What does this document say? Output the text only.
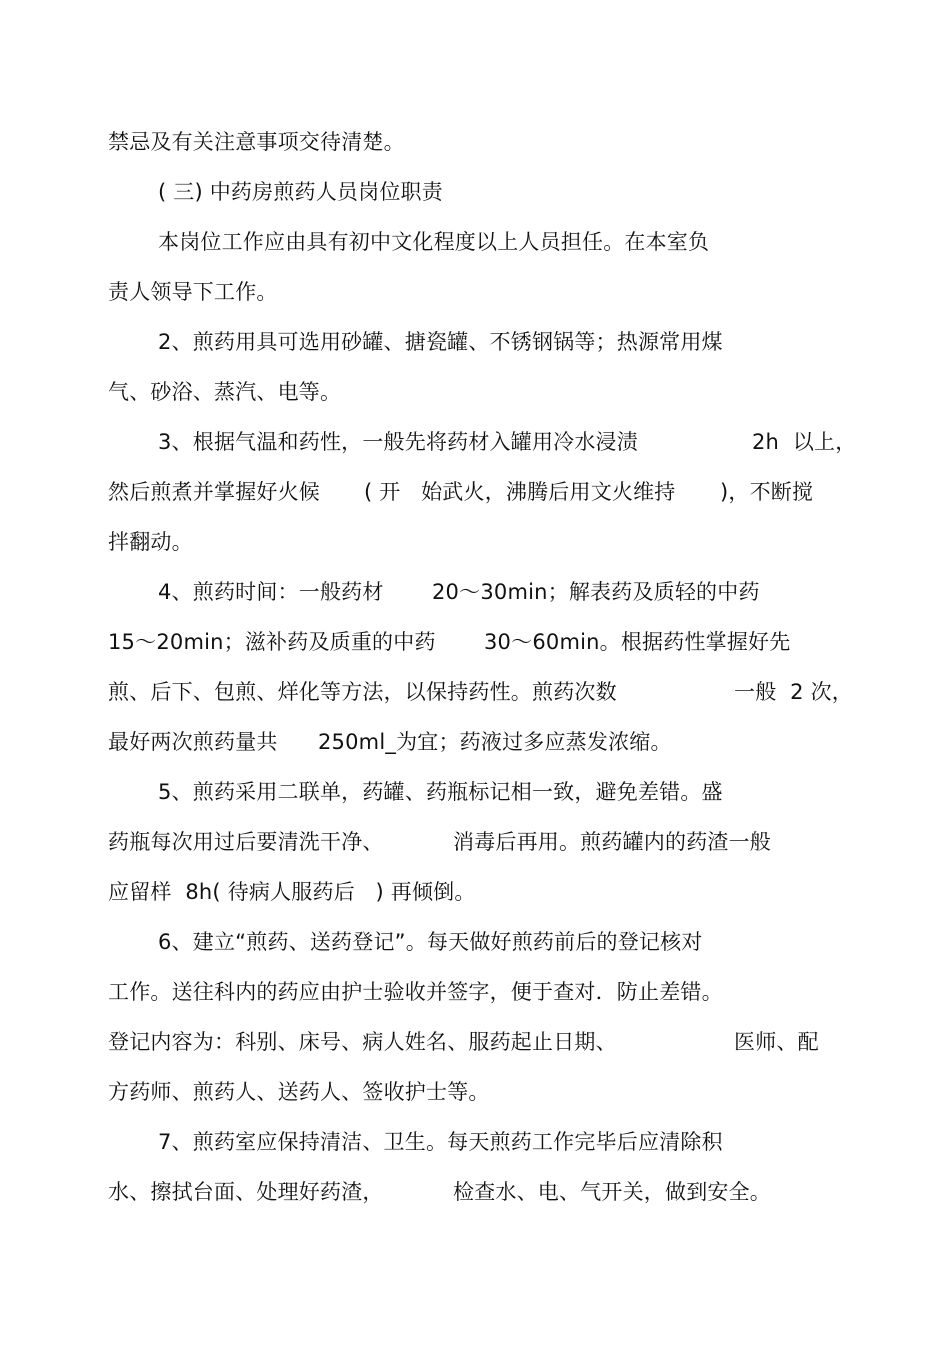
禁忌及有关注意事项交待清楚。

( 三) 中药房煎药人员岗位职责

本岗位工作应由具有初中文化程度以上人员担任。在本室负

责人领导下工作。

2、煎药用具可选用砂罐、搪瓷罐、不锈钢锅等；热源常用煤

气、砂浴、蒸汽、电等。

3、根据气温和药性，一般先将药材入罐用冷水浸渍

	2h  以上，

然后煎煮并掌握好火候

( 开   始武火，沸腾后用文火维持

)，不断搅

拌翻动。

4、煎药时间：一般药材

20～30min；解表药及质轻的中药

15～20min；滋补药及质重的中药

30～60min。根据药性掌握好先

煎、后下、包煎、烊化等方法，以保持药性。煎药次数

	一般  2 次，

最好两次煎药量共

250ml_为宜；药液过多应蒸发浓缩。

5、煎药采用二联单，药罐、药瓶标记相一致，避免差错。盛

药瓶每次用过后要清洗干净、

	消毒后再用。煎药罐内的药渣一般

应留样  8h( 待病人服药后   ) 再倾倒。

6、建立“煎药、送药登记”。每天做好煎药前后的登记核对

工作。送往科内的药应由护士验收并签字，便于查对．防止差错。

登记内容为：科别、床号、病人姓名、服药起止日期、

	医师、配

方药师、煎药人、送药人、签收护士等。

7、煎药室应保持清洁、卫生。每天煎药工作完毕后应清除积

水、擦拭台面、处理好药渣，

	检查水、电、气开关，做到安全。
